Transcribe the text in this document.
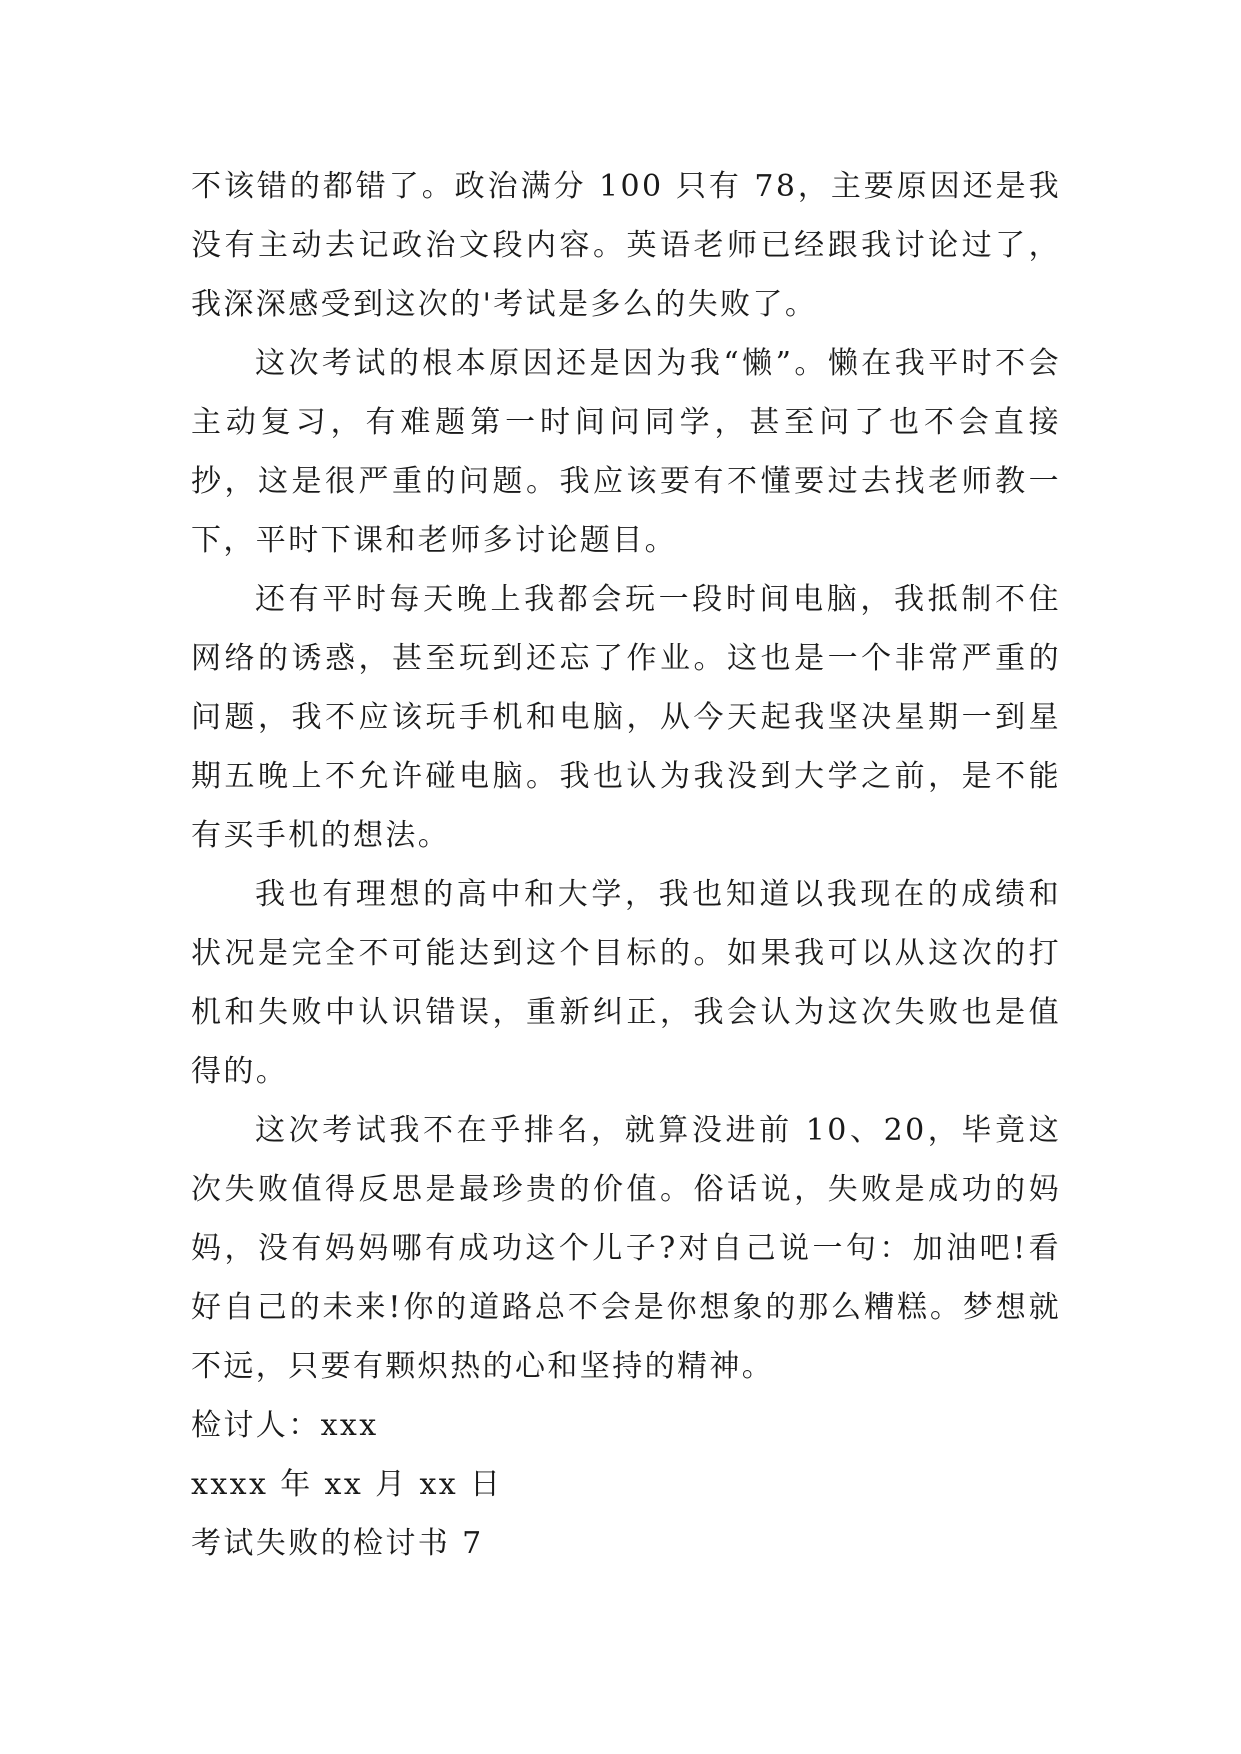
不该错的都错了。政治满分 100 只有 78，主要原因还是我没有主动去记政治文段内容。英语老师已经跟我讨论过了，我深深感受到这次的'考试是多么的失败了。

这次考试的根本原因还是因为我“懒”。懒在我平时不会主动复习，有难题第一时间问同学，甚至问了也不会直接抄，这是很严重的问题。我应该要有不懂要过去找老师教一下，平时下课和老师多讨论题目。

还有平时每天晚上我都会玩一段时间电脑，我抵制不住网络的诱惑，甚至玩到还忘了作业。这也是一个非常严重的问题，我不应该玩手机和电脑，从今天起我坚决星期一到星期五晚上不允许碰电脑。我也认为我没到大学之前，是不能有买手机的想法。

我也有理想的高中和大学，我也知道以我现在的成绩和状况是完全不可能达到这个目标的。如果我可以从这次的打机和失败中认识错误，重新纠正，我会认为这次失败也是值得的。

这次考试我不在乎排名，就算没进前 10、20，毕竟这次失败值得反思是最珍贵的价值。俗话说，失败是成功的妈妈，没有妈妈哪有成功这个儿子?对自己说一句：加油吧!看好自己的未来!你的道路总不会是你想象的那么糟糕。梦想就不远，只要有颗炽热的心和坚持的精神。

检讨人：xxx

xxxx 年 xx 月 xx 日

考试失败的检讨书 7
